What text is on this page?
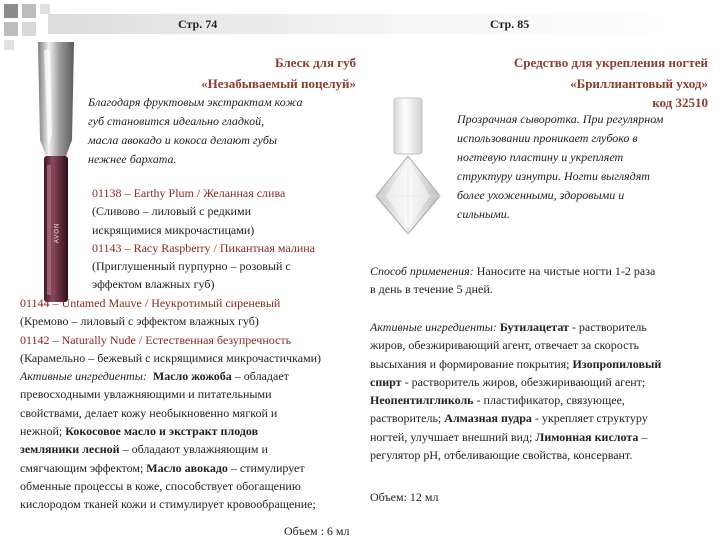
Стр. 74	Стр. 85
AVON
Блеск для губ
«Незабываемый поцелуй»
Благодаря фруктовым экстрактам кожа
губ становится идеально гладкой,
масла авокадо и кокоса делают губы
нежнее бархата.
01138 – Earthy Plum / Желанная слива
(Сливово – лиловый с редкими
искрящимися микрочастицами)
01143 – Racy Raspberry / Пикантная малина
(Приглушенный пурпурно – розовый с
эффектом влажных губ)
01144 – Untamed Mauve / Неукротимый сиреневый
(Кремово – лиловый с эффектом влажных губ)
01142 – Naturally Nude / Естественная безупречность
(Карамельно – бежевый с искрящимися микрочастичками)
Активные ингредиенты: Масло жожоба – обладает
превосходными увлажняющими и питательными
свойствами, делает кожу необыкновенно мягкой и
нежной; Кокосовое масло и экстракт плодов
земляники лесной – обладают увлажняющим и
смягчающим эффектом; Масло авокадо – стимулирует
обменные процессы в коже, способствует обогащению
кислородом тканей кожи и стимулирует кровообращение;
Объем : 6 мл
Средство для укрепления ногтей
«Бриллиантовый уход»
код 32510
Прозрачная сыворотка. При регулярном
использовании проникает глубоко в
ногтевую пластину и укрепляет
структуру изнутри. Ногти выглядят
более ухоженными, здоровыми и
сильными.
Способ применения: Наносите на чистые ногти 1-2 раза
в день в течение 5 дней.
Активные ингредиенты: Бутилацетат - растворитель
жиров, обезжиривающий агент, отвечает за скорость
высыхания и формирование покрытия; Изопропиловый
спирт - растворитель жиров, обезжиривающий агент;
Неопентилгликоль - пластификатор, связующее,
растворитель; Алмазная пудра - укрепляет структуру
ногтей, улучшает внешний вид; Лимонная кислота –
регулятор pH, отбеливающие свойства, консервант.
Объем: 12 мл
